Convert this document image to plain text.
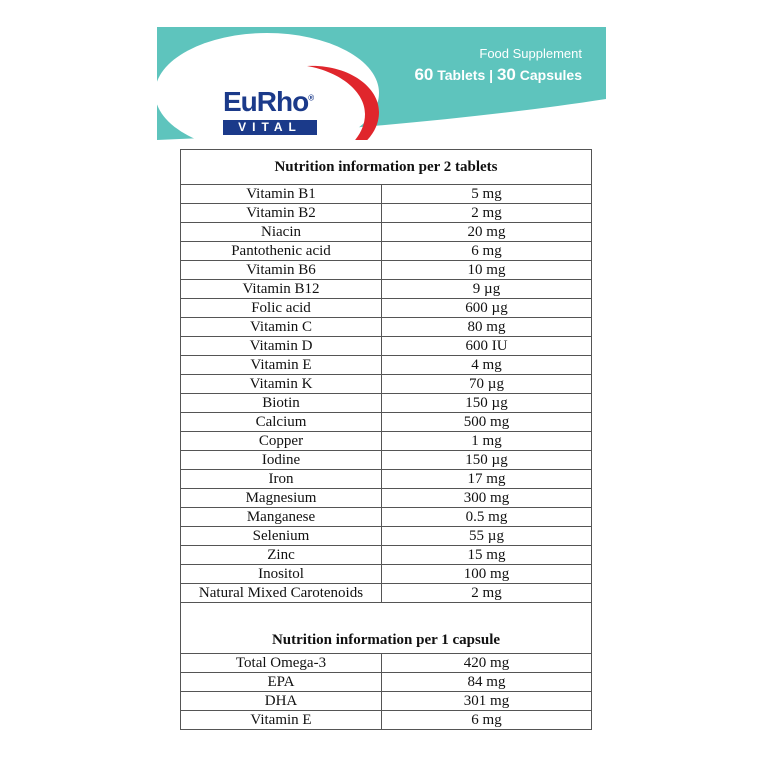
Food Supplement
60 Tablets | 30 Capsules
EuRho®
VITAL
Nutrition information per 2 tablets	
Vitamin B1	5 mg
Vitamin B2	2 mg
Niacin	20 mg
Pantothenic acid	6 mg
Vitamin B6	10 mg
Vitamin B12	9 µg
Folic acid	600 µg
Vitamin C	80 mg
Vitamin D	600 IU
Vitamin E	4 mg
Vitamin K	70 µg
Biotin	150 µg
Calcium	500 mg
Copper	1 mg
Iodine	150 µg
Iron	17 mg
Magnesium	300 mg
Manganese	0.5 mg
Selenium	55 µg
Zinc	15 mg
Inositol	100 mg
Natural Mixed Carotenoids	2 mg

Nutrition information per 1 capsule	
Total Omega-3	420 mg
EPA	84 mg
DHA	301 mg
Vitamin E	6 mg
